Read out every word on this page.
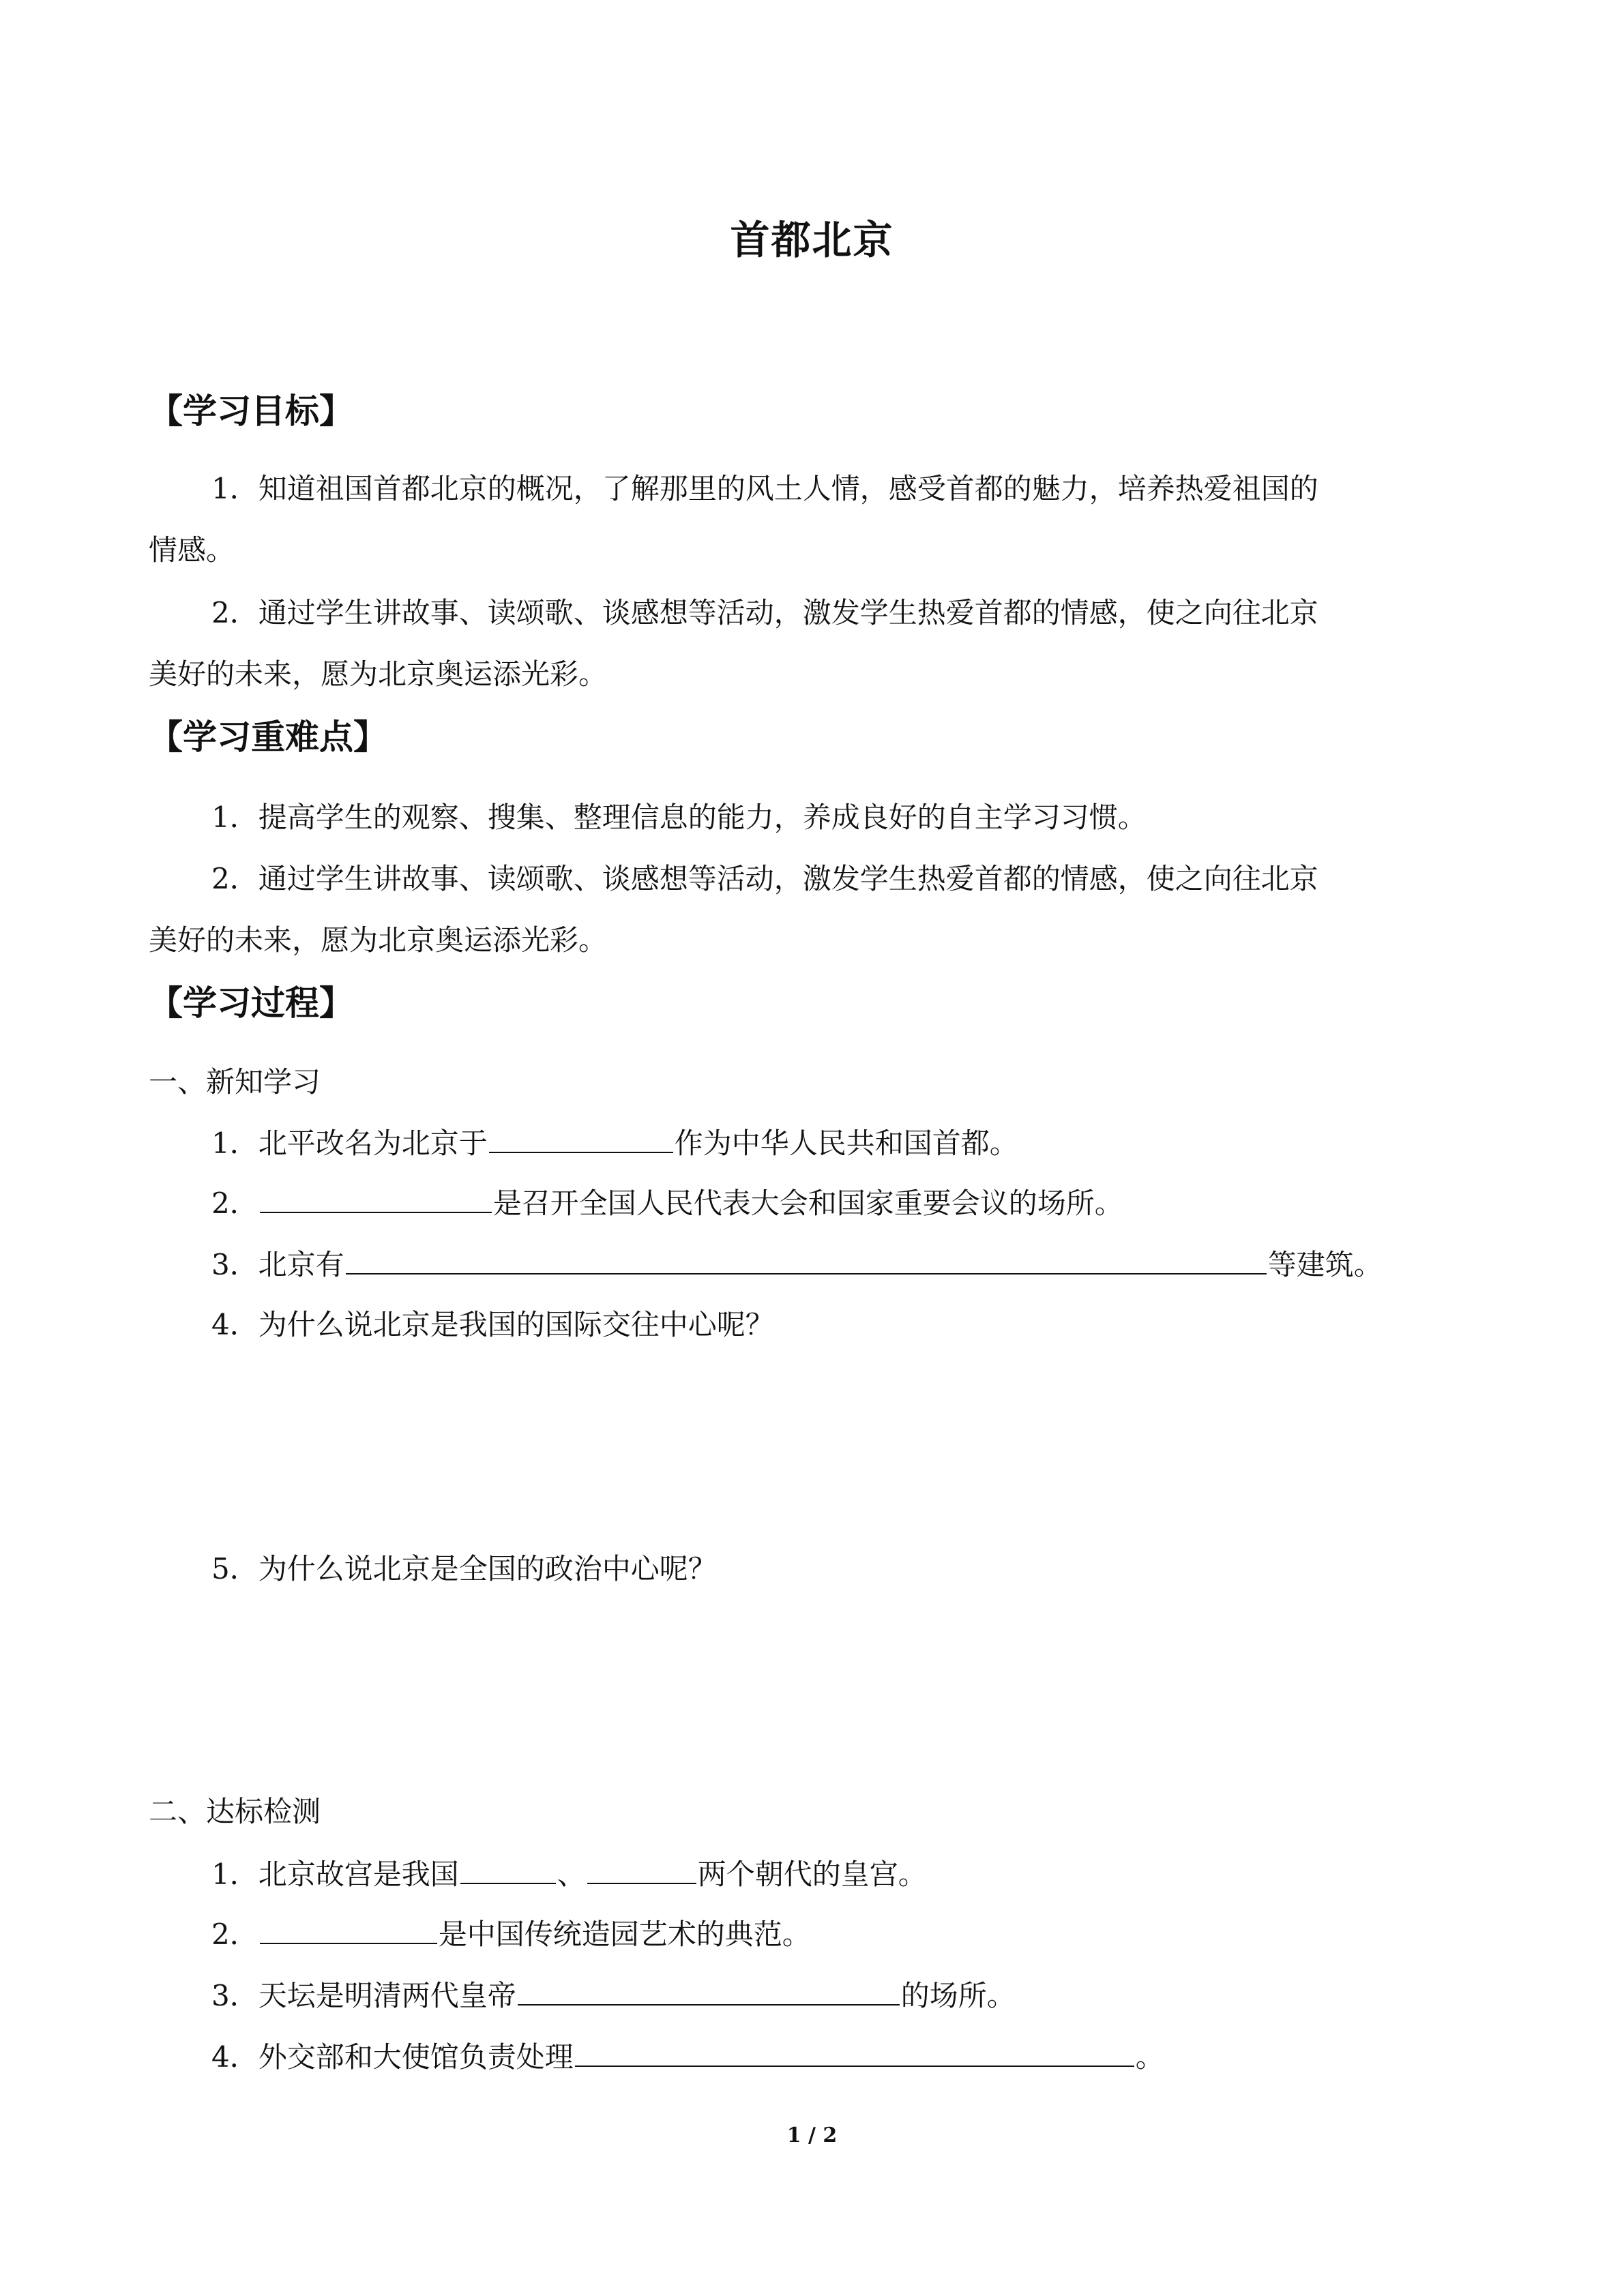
首都北京
【学习目标】
1．知道祖国首都北京的概况，了解那里的风土人情，感受首都的魅力，培养热爱祖国的
情感。
2．通过学生讲故事、读颂歌、谈感想等活动，激发学生热爱首都的情感，使之向往北京
美好的未来，愿为北京奥运添光彩。
【学习重难点】
1．提高学生的观察、搜集、整理信息的能力，养成良好的自主学习习惯。
2．通过学生讲故事、读颂歌、谈感想等活动，激发学生热爱首都的情感，使之向往北京
美好的未来，愿为北京奥运添光彩。
【学习过程】
一、新知学习
1．北平改名为北京于	作为中华人民共和国首都。
2．	是召开全国人民代表大会和国家重要会议的场所。
3．北京有	等建筑。
4．为什么说北京是我国的国际交往中心呢？
5．为什么说北京是全国的政治中心呢？
二、达标检测
1．北京故宫是我国	、	两个朝代的皇宫。
2．	是中国传统造园艺术的典范。
3．天坛是明清两代皇帝	的场所。
4．外交部和大使馆负责处理	。
1 / 2
